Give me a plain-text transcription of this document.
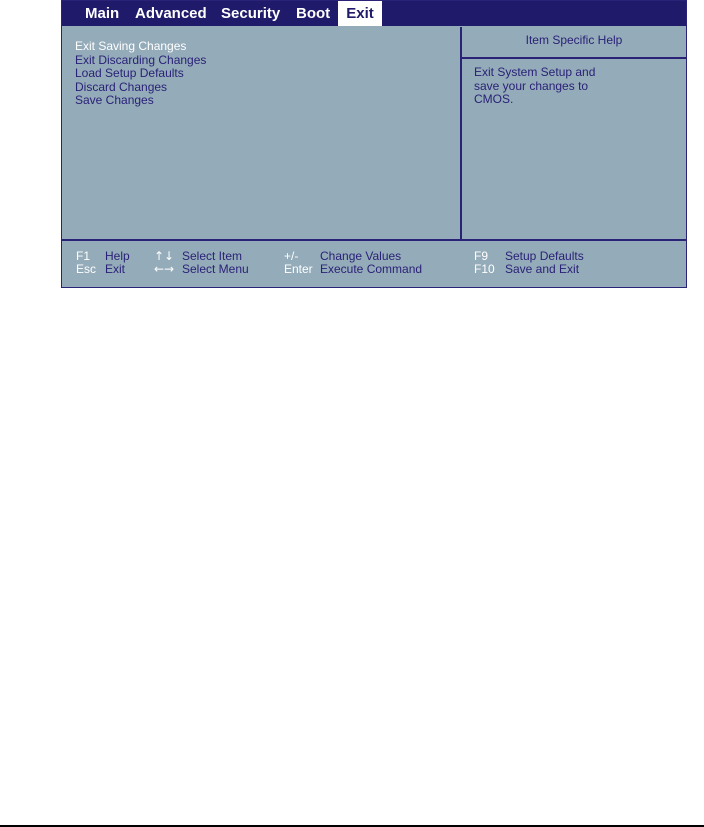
Main Advanced Security Boot	Exit
Exit Saving Changes
Exit Discarding Changes
Load Setup Defaults
Discard Changes
Save Changes
Item Specific Help
Exit System Setup and
save your changes to
CMOS.
F1 Help ↑↓ Select Item	+/- Change Values	F9 Setup Defaults
Esc Exit ←→ Select Menu	Enter Execute Command	F10 Save and Exit
